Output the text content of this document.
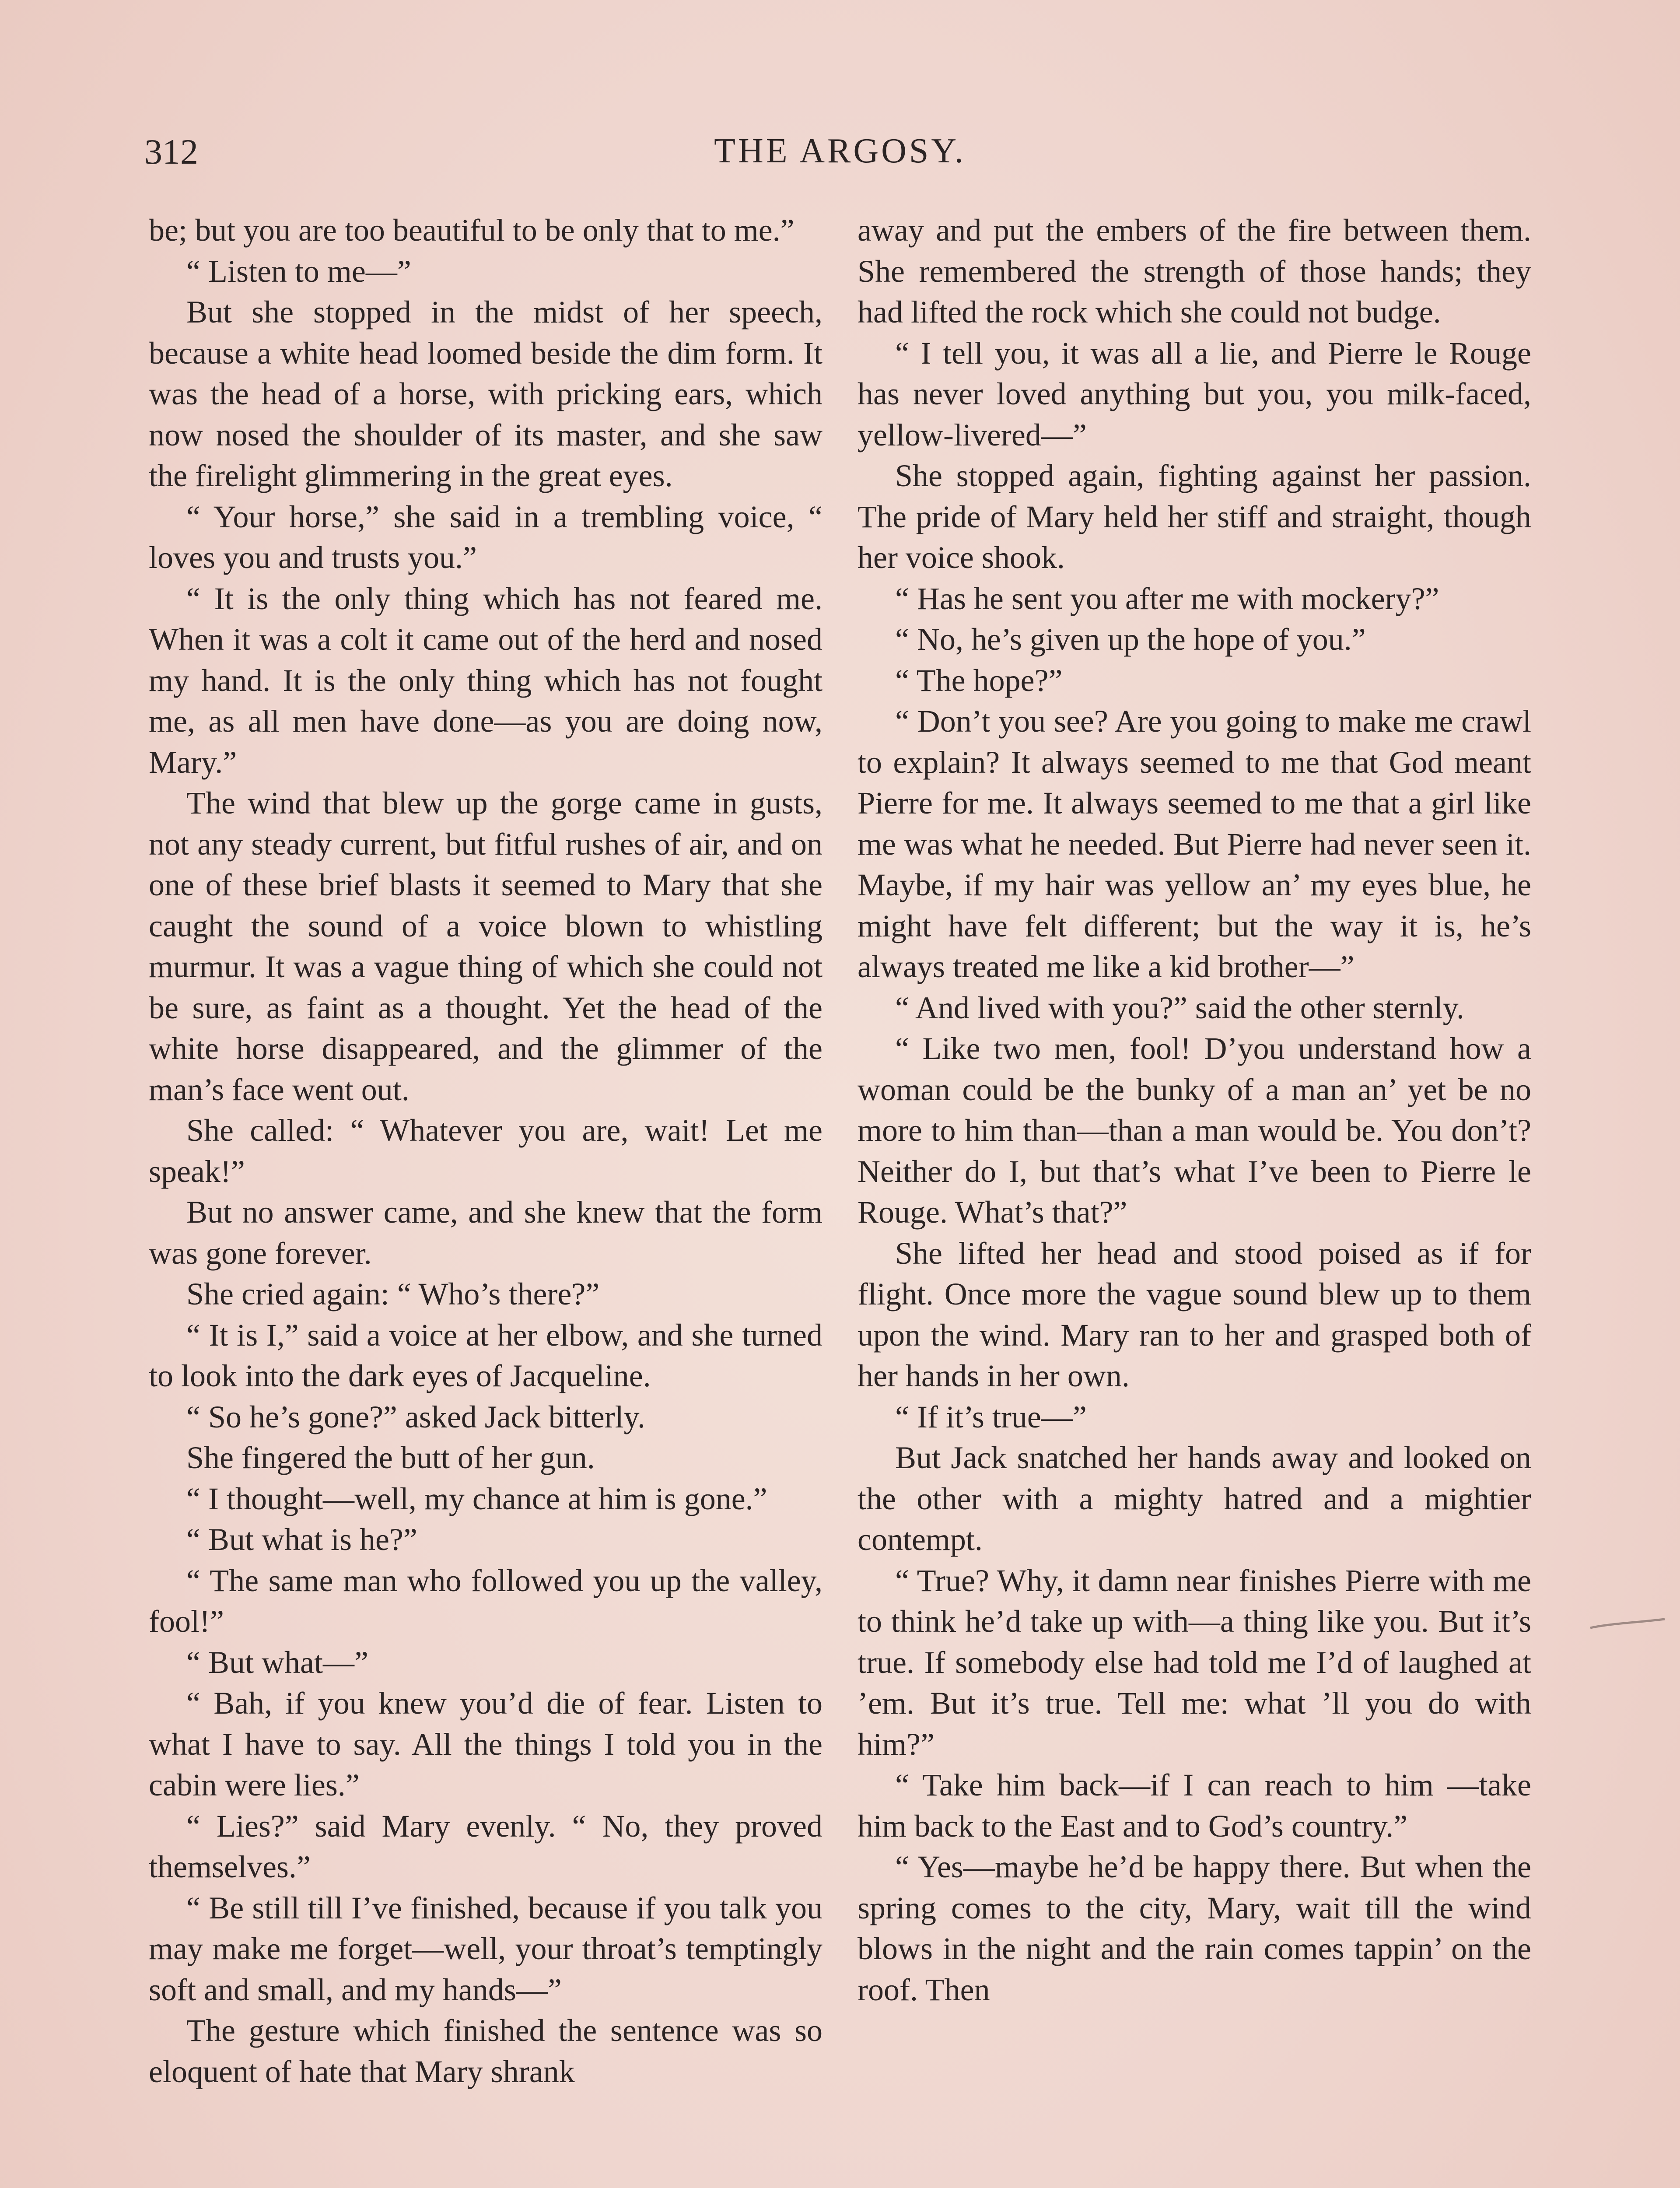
312	THE ARGOSY.

be; but you are too beautiful to be only that to me.”

“ Listen to me—”

But she stopped in the midst of her speech, because a white head loomed beside the dim form. It was the head of a horse, with pricking ears, which now nosed the shoulder of its master, and she saw the firelight glimmering in the great eyes.

“ Your horse,” she said in a trembling voice, “ loves you and trusts you.”

“ It is the only thing which has not feared me. When it was a colt it came out of the herd and nosed my hand. It is the only thing which has not fought me, as all men have done—as you are doing now, Mary.”

The wind that blew up the gorge came in gusts, not any steady current, but fitful rushes of air, and on one of these brief blasts it seemed to Mary that she caught the sound of a voice blown to whistling murmur. It was a vague thing of which she could not be sure, as faint as a thought. Yet the head of the white horse disappeared, and the glimmer of the man’s face went out.

She called: “ Whatever you are, wait! Let me speak!”

But no answer came, and she knew that the form was gone forever.

She cried again: “ Who’s there?”

“ It is I,” said a voice at her elbow, and she turned to look into the dark eyes of Jacqueline.

“ So he’s gone?” asked Jack bitterly.

She fingered the butt of her gun.

“ I thought—well, my chance at him is gone.”

“ But what is he?”

“ The same man who followed you up the valley, fool!”

“ But what—”

“ Bah, if you knew you’d die of fear. Listen to what I have to say. All the things I told you in the cabin were lies.”

“ Lies?” said Mary evenly. “ No, they proved themselves.”

“ Be still till I’ve finished, because if you talk you may make me forget—well, your throat’s temptingly soft and small, and my hands—”

The gesture which finished the sentence was so eloquent of hate that Mary shrank

away and put the embers of the fire between them. She remembered the strength of those hands; they had lifted the rock which she could not budge.

“ I tell you, it was all a lie, and Pierre le Rouge has never loved anything but you, you milk-faced, yellow-livered—”

She stopped again, fighting against her passion. The pride of Mary held her stiff and straight, though her voice shook.

“ Has he sent you after me with mockery?”

“ No, he’s given up the hope of you.”

“ The hope?”

“ Don’t you see? Are you going to make me crawl to explain? It always seemed to me that God meant Pierre for me. It always seemed to me that a girl like me was what he needed. But Pierre had never seen it. Maybe, if my hair was yellow an’ my eyes blue, he might have felt different; but the way it is, he’s always treated me like a kid brother—”

“ And lived with you?” said the other sternly.

“ Like two men, fool! D’you understand how a woman could be the bunky of a man an’ yet be no more to him than—than a man would be. You don’t? Neither do I, but that’s what I’ve been to Pierre le Rouge. What’s that?”

She lifted her head and stood poised as if for flight. Once more the vague sound blew up to them upon the wind. Mary ran to her and grasped both of her hands in her own.

“ If it’s true—”

But Jack snatched her hands away and looked on the other with a mighty hatred and a mightier contempt.

“ True? Why, it damn near finishes Pierre with me to think he’d take up with—a thing like you. But it’s true. If somebody else had told me I’d of laughed at ’em. But it’s true. Tell me: what ’ll you do with him?”

“ Take him back—if I can reach to him —take him back to the East and to God’s country.”

“ Yes—maybe he’d be happy there. But when the spring comes to the city, Mary, wait till the wind blows in the night and the rain comes tappin’ on the roof. Then
